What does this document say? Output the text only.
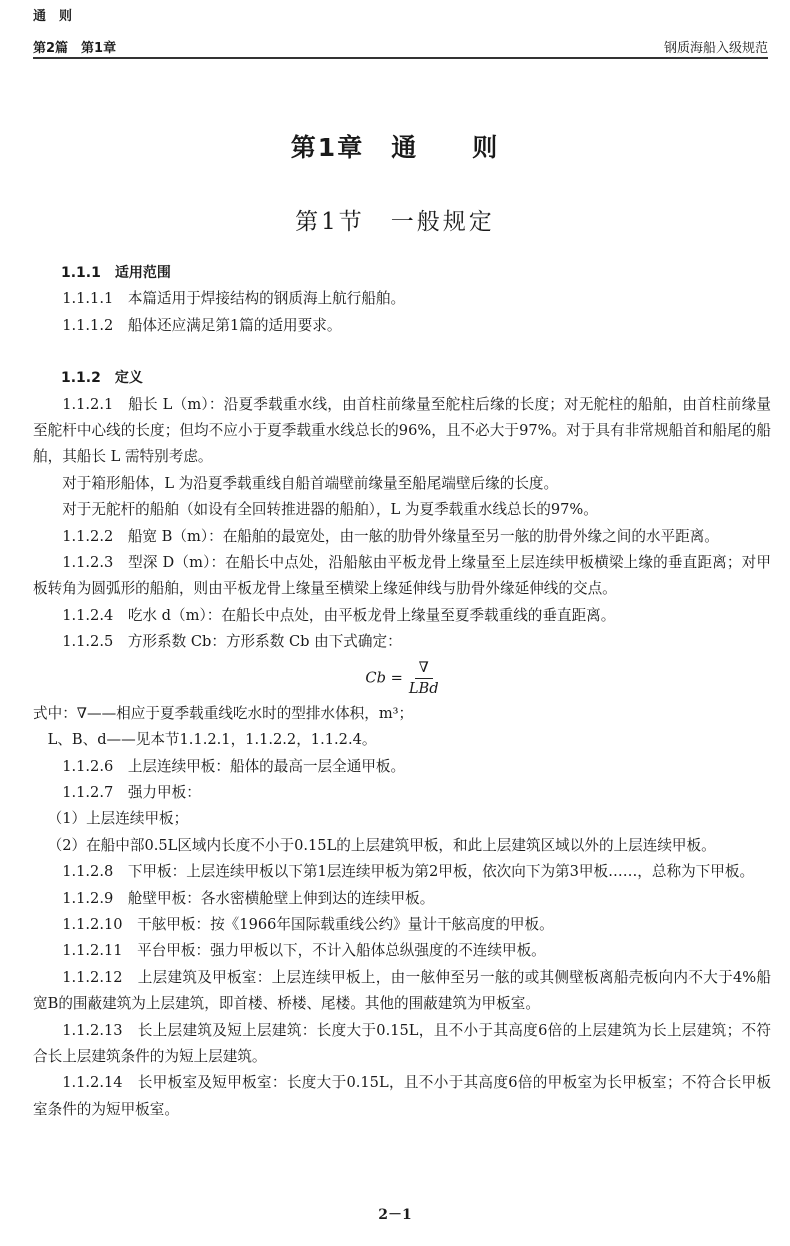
通　则
第2篇　第1章	钢质海船入级规范
第1章　通　　则
第1节　一般规定

1.1.1　适用范围

1.1.1.1　本篇适用于焊接结构的钢质海上航行船舶。

1.1.1.2　船体还应满足第1篇的适用要求。

1.1.2　定义

1.1.2.1　船长 L（m）：沿夏季载重水线，由首柱前缘量至舵柱后缘的长度；对无舵柱的船舶，由首柱前缘量至舵杆中心线的长度；但均不应小于夏季载重水线总长的96%，且不必大于97%。对于具有非常规船首和船尾的船舶，其船长 L 需特别考虑。

对于箱形船体，L 为沿夏季载重线自船首端壁前缘量至船尾端壁后缘的长度。

对于无舵杆的船舶（如设有全回转推进器的船舶），L 为夏季载重水线总长的97%。

1.1.2.2　船宽 B（m）：在船舶的最宽处，由一舷的肋骨外缘量至另一舷的肋骨外缘之间的水平距离。

1.1.2.3　型深 D（m）：在船长中点处，沿船舷由平板龙骨上缘量至上层连续甲板横梁上缘的垂直距离；对甲板转角为圆弧形的船舶，则由平板龙骨上缘量至横梁上缘延伸线与肋骨外缘延伸线的交点。

1.1.2.4　吃水 d（m）：在船长中点处，由平板龙骨上缘量至夏季载重线的垂直距离。

1.1.2.5　方形系数 Cb：方形系数 Cb 由下式确定：

$Cb = \frac{\nabla}{\text{LBd}}$

式中：∇——相应于夏季载重线吃水时的型排水体积，m³；

L、B、d——见本节1.1.2.1，1.1.2.2，1.1.2.4。

1.1.2.6　上层连续甲板：船体的最高一层全通甲板。

1.1.2.7　强力甲板：

（1）上层连续甲板；

（2）在船中部0.5L区域内长度不小于0.15L的上层建筑甲板，和此上层建筑区域以外的上层连续甲板。

1.1.2.8　下甲板：上层连续甲板以下第1层连续甲板为第2甲板，依次向下为第3甲板……，总称为下甲板。

1.1.2.9　舱壁甲板：各水密横舱壁上伸到达的连续甲板。

1.1.2.10　干舷甲板：按《1966年国际载重线公约》量计干舷高度的甲板。

1.1.2.11　平台甲板：强力甲板以下，不计入船体总纵强度的不连续甲板。

1.1.2.12　上层建筑及甲板室：上层连续甲板上，由一舷伸至另一舷的或其侧壁板离船壳板向内不大于4%船宽B的围蔽建筑为上层建筑，即首楼、桥楼、尾楼。其他的围蔽建筑为甲板室。

1.1.2.13　长上层建筑及短上层建筑：长度大于0.15L，且不小于其高度6倍的上层建筑为长上层建筑；不符合长上层建筑条件的为短上层建筑。

1.1.2.14　长甲板室及短甲板室：长度大于0.15L，且不小于其高度6倍的甲板室为长甲板室；不符合长甲板室条件的为短甲板室。

2－1
